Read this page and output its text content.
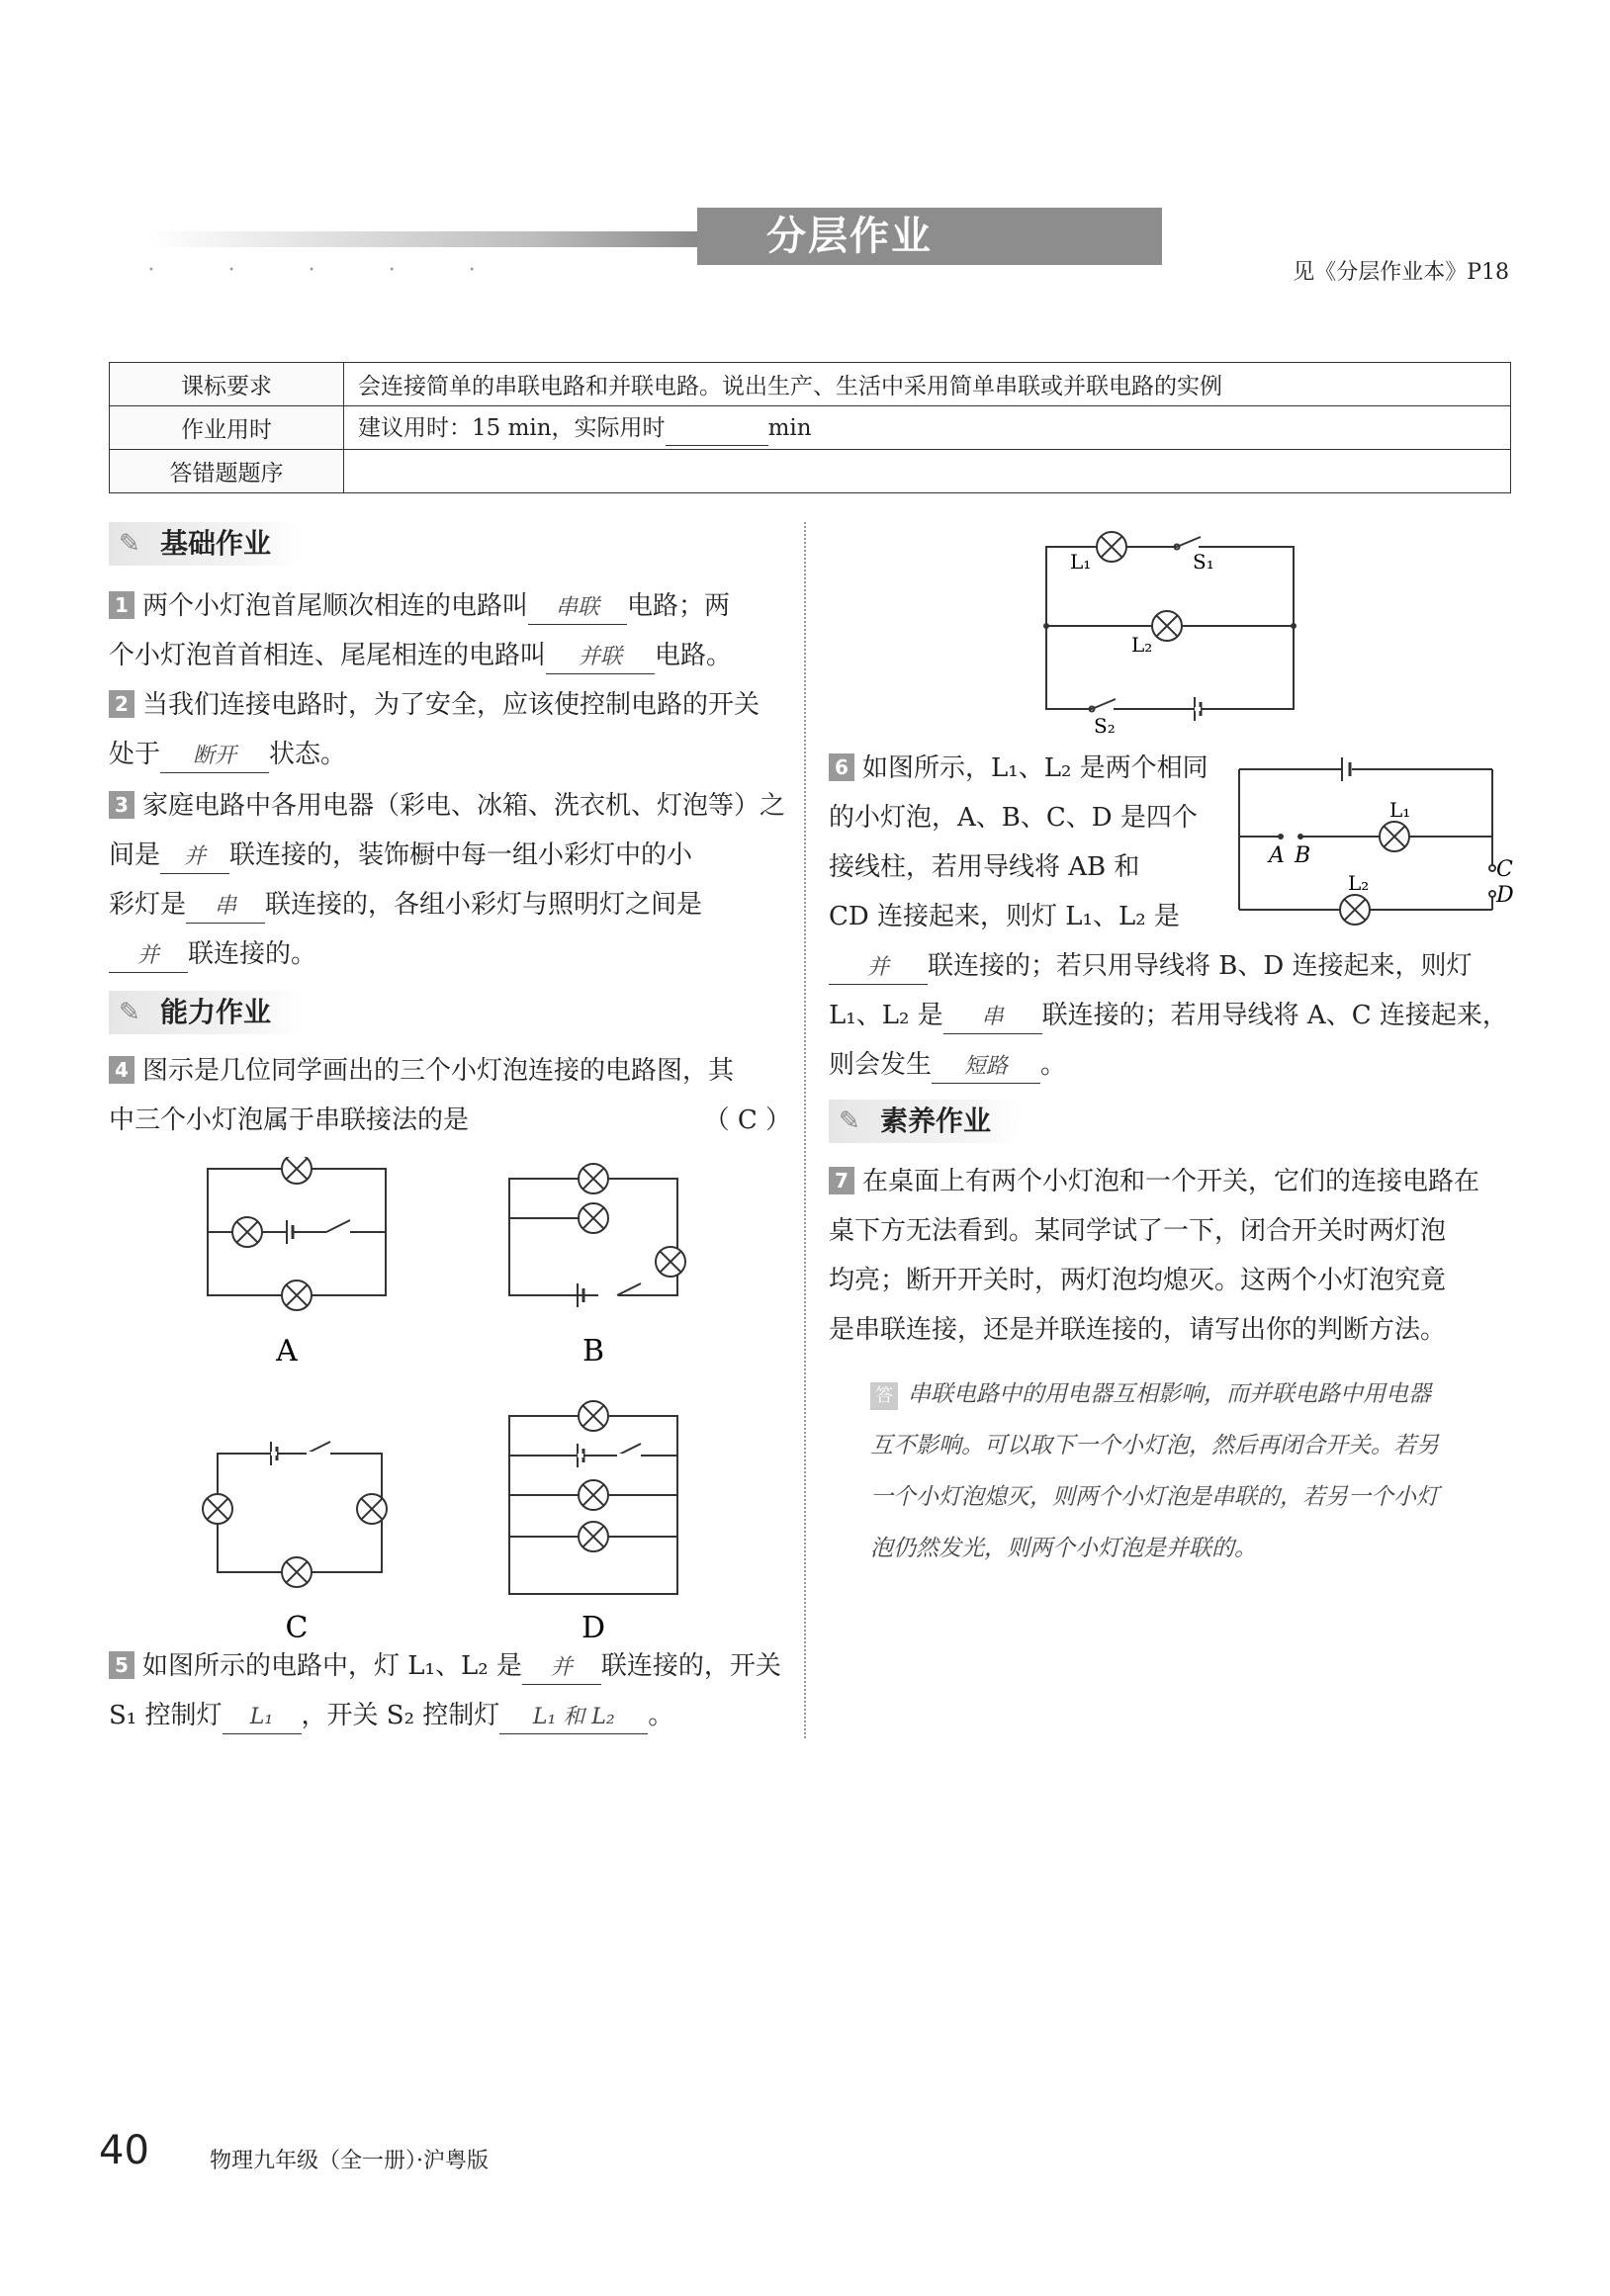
分层作业
• • • • •	见《分层作业本》P18
课标要求	会连接简单的串联电路和并联电路。说出生产、生活中采用简单串联或并联电路的实例
作业用时	建议用时：15 min，实际用时 min
答错题题序	
✎ 基础作业
1 两个小灯泡首尾顺次相连的电路叫 串联 电路；两
个小灯泡首首相连、尾尾相连的电路叫 并联 电路。
2 当我们连接电路时，为了安全，应该使控制电路的开关
处于 断开 状态。
3 家庭电路中各用电器（彩电、冰箱、洗衣机、灯泡等）之
间是 并 联连接的，装饰橱中每一组小彩灯中的小
彩灯是 串 联连接的，各组小彩灯与照明灯之间是
并 联连接的。
✎ 能力作业
4 图示是几位同学画出的三个小灯泡连接的电路图，其
中三个小灯泡属于串联接法的是	（ C ）
A	B
C	D
5 如图所示的电路中，灯 L₁、L₂ 是 并 联连接的，开关
S₁ 控制灯 L₁ ，开关 S₂ 控制灯 L₁ 和 L₂ 。
L₁	S₁
L₂
S₂
6 如图所示，L₁、L₂ 是两个相同
的小灯泡，A、B、C、D 是四个
接线柱，若用导线将 AB 和
CD 连接起来，则灯 L₁、L₂ 是
L₁
L₂
A B
C
D
并 联连接的；若只用导线将 B、D 连接起来，则灯
L₁、L₂ 是 串 联连接的；若用导线将 A、C 连接起来，
则会发生 短路 。
✎ 素养作业
7 在桌面上有两个小灯泡和一个开关，它们的连接电路在
桌下方无法看到。某同学试了一下，闭合开关时两灯泡
均亮；断开开关时，两灯泡均熄灭。这两个小灯泡究竟
是串联连接，还是并联连接的，请写出你的判断方法。
答 串联电路中的用电器互相影响，而并联电路中用电器
互不影响。可以取下一个小灯泡，然后再闭合开关。若另
一个小灯泡熄灭，则两个小灯泡是串联的，若另一个小灯
泡仍然发光，则两个小灯泡是并联的。
40	物理九年级（全一册）·沪粤版
